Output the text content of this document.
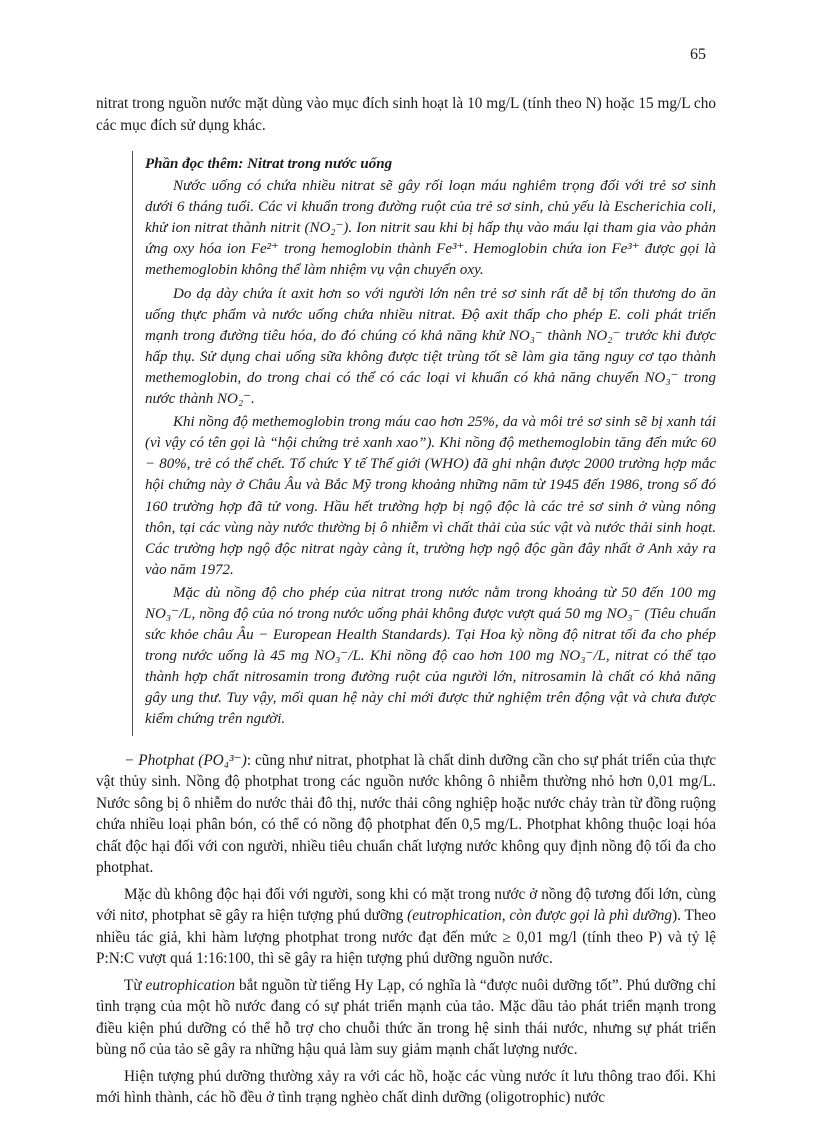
65

nitrat trong nguồn nước mặt dùng vào mục đích sinh hoạt là 10 mg/L (tính theo N) hoặc 15 mg/L cho các mục đích sử dụng khác.

Phần đọc thêm: Nitrat trong nước uống

Nước uống có chứa nhiều nitrat sẽ gây rối loạn máu nghiêm trọng đối với trẻ sơ sinh dưới 6 tháng tuổi. Các vi khuẩn trong đường ruột của trẻ sơ sinh, chủ yếu là Escherichia coli, khử ion nitrat thành nitrit (NO₂⁻). Ion nitrit sau khi bị hấp thụ vào máu lại tham gia vào phản ứng oxy hóa ion Fe²⁺ trong hemoglobin thành Fe³⁺. Hemoglobin chứa ion Fe³⁺ được gọi là methemoglobin không thể làm nhiệm vụ vận chuyển oxy.

Do dạ dày chứa ít axit hơn so với người lớn nên trẻ sơ sinh rất dễ bị tổn thương do ăn uống thực phẩm và nước uống chứa nhiều nitrat. Độ axit thấp cho phép E. coli phát triển mạnh trong đường tiêu hóa, do đó chúng có khả năng khử NO₃⁻ thành NO₂⁻ trước khi được hấp thụ. Sử dụng chai uống sữa không được tiệt trùng tốt sẽ làm gia tăng nguy cơ tạo thành methemoglobin, do trong chai có thể có các loại vi khuẩn có khả năng chuyển NO₃⁻ trong nước thành NO₂⁻.

Khi nồng độ methemoglobin trong máu cao hơn 25%, da và môi trẻ sơ sinh sẽ bị xanh tái (vì vậy có tên gọi là “hội chứng trẻ xanh xao”). Khi nồng độ methemoglobin tăng đến mức 60 − 80%, trẻ có thể chết. Tổ chức Y tế Thế giới (WHO) đã ghi nhận được 2000 trường hợp mắc hội chứng này ở Châu Âu và Bắc Mỹ trong khoảng những năm từ 1945 đến 1986, trong số đó 160 trường hợp đã tử vong. Hầu hết trường hợp bị ngộ độc là các trẻ sơ sinh ở vùng nông thôn, tại các vùng này nước thường bị ô nhiễm vì chất thải của súc vật và nước thải sinh hoạt. Các trường hợp ngộ độc nitrat ngày càng ít, trường hợp ngộ độc gần đây nhất ở Anh xảy ra vào năm 1972.

Mặc dù nồng độ cho phép của nitrat trong nước nằm trong khoảng từ 50 đến 100 mg NO₃⁻/L, nồng độ của nó trong nước uống phải không được vượt quá 50 mg NO₃⁻ (Tiêu chuẩn sức khỏe châu Âu − European Health Standards). Tại Hoa kỳ nồng độ nitrat tối đa cho phép trong nước uống là 45 mg NO₃⁻/L. Khi nồng độ cao hơn 100 mg NO₃⁻/L, nitrat có thể tạo thành hợp chất nitrosamin trong đường ruột của người lớn, nitrosamin là chất có khả năng gây ung thư. Tuy vậy, mối quan hệ này chỉ mới được thử nghiệm trên động vật và chưa được kiểm chứng trên người.

− Photphat (PO₄³⁻): cũng như nitrat, photphat là chất dinh dưỡng cần cho sự phát triển của thực vật thủy sinh. Nồng độ photphat trong các nguồn nước không ô nhiễm thường nhỏ hơn 0,01 mg/L. Nước sông bị ô nhiễm do nước thải đô thị, nước thải công nghiệp hoặc nước chảy tràn từ đồng ruộng chứa nhiều loại phân bón, có thể có nồng độ photphat đến 0,5 mg/L. Photphat không thuộc loại hóa chất độc hại đối với con người, nhiều tiêu chuẩn chất lượng nước không quy định nồng độ tối đa cho photphat.

Mặc dù không độc hại đối với người, song khi có mặt trong nước ở nồng độ tương đối lớn, cùng với nitơ, photphat sẽ gây ra hiện tượng phú dưỡng (eutrophication, còn được gọi là phì dưỡng). Theo nhiều tác giả, khi hàm lượng photphat trong nước đạt đến mức ≥ 0,01 mg/l (tính theo P) và tỷ lệ P:N:C vượt quá 1:16:100, thì sẽ gây ra hiện tượng phú dưỡng nguồn nước.

Từ eutrophication bắt nguồn từ tiếng Hy Lạp, có nghĩa là “được nuôi dưỡng tốt”. Phú dưỡng chỉ tình trạng của một hồ nước đang có sự phát triển mạnh của tảo. Mặc dầu tảo phát triển mạnh trong điều kiện phú dưỡng có thể hỗ trợ cho chuỗi thức ăn trong hệ sinh thái nước, nhưng sự phát triển bùng nổ của tảo sẽ gây ra những hậu quả làm suy giảm mạnh chất lượng nước.

Hiện tượng phú dưỡng thường xảy ra với các hồ, hoặc các vùng nước ít lưu thông trao đổi. Khi mới hình thành, các hồ đều ở tình trạng nghèo chất dinh dưỡng (oligotrophic) nước
